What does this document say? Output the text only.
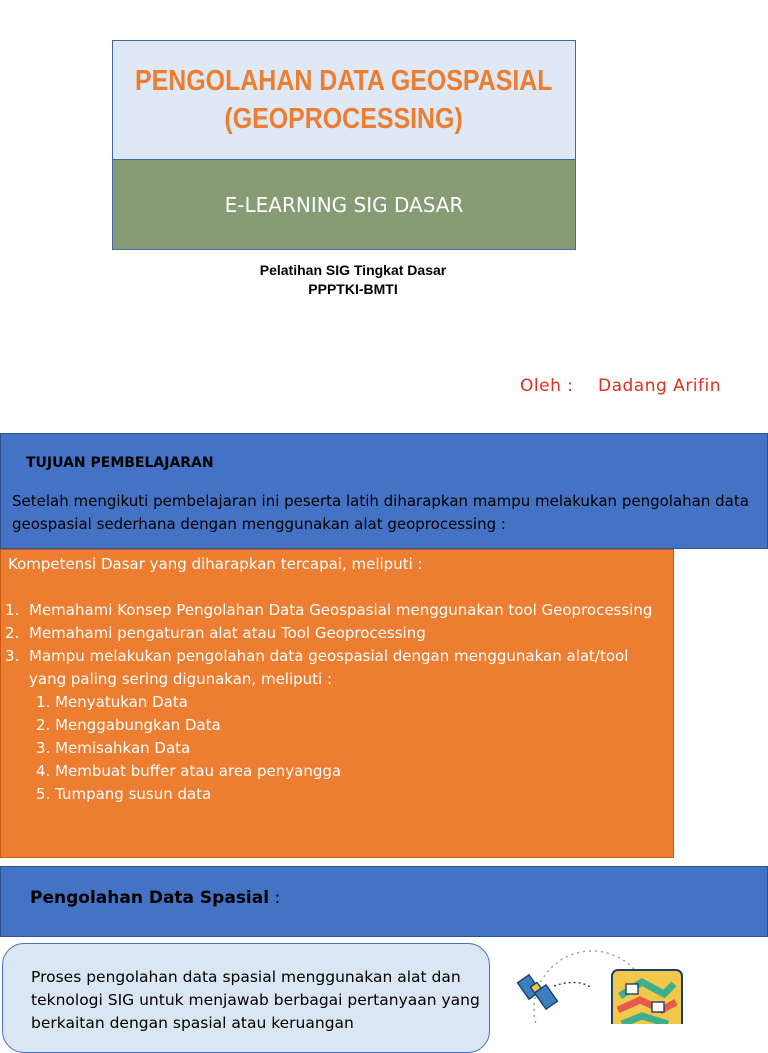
PENGOLAHAN DATA GEOSPASIAL
(GEOPROCESSING)
E-LEARNING SIG DASAR
Pelatihan SIG Tingkat Dasar
PPPTKI-BMTI
Oleh : Dadang Arifin
TUJUAN PEMBELAJARAN
Setelah mengikuti pembelajaran ini peserta latih diharapkan mampu melakukan pengolahan data geospasial sederhana dengan menggunakan alat geoprocessing :
Kompetensi Dasar yang diharapkan tercapai, meliputi :
1. Memahami Konsep Pengolahan Data Geospasial menggunakan tool Geoprocessing
2. Memahami pengaturan alat atau Tool Geoprocessing
3. Mampu melakukan pengolahan data geospasial dengan menggunakan alat/tool yang paling sering digunakan, meliputi :
1. Menyatukan Data
2. Menggabungkan Data
3. Memisahkan Data
4. Membuat buffer atau area penyangga
5. Tumpang susun data
Pengolahan Data Spasial :
Proses pengolahan data spasial menggunakan alat dan teknologi SIG untuk menjawab berbagai pertanyaan yang berkaitan dengan spasial atau keruangan
